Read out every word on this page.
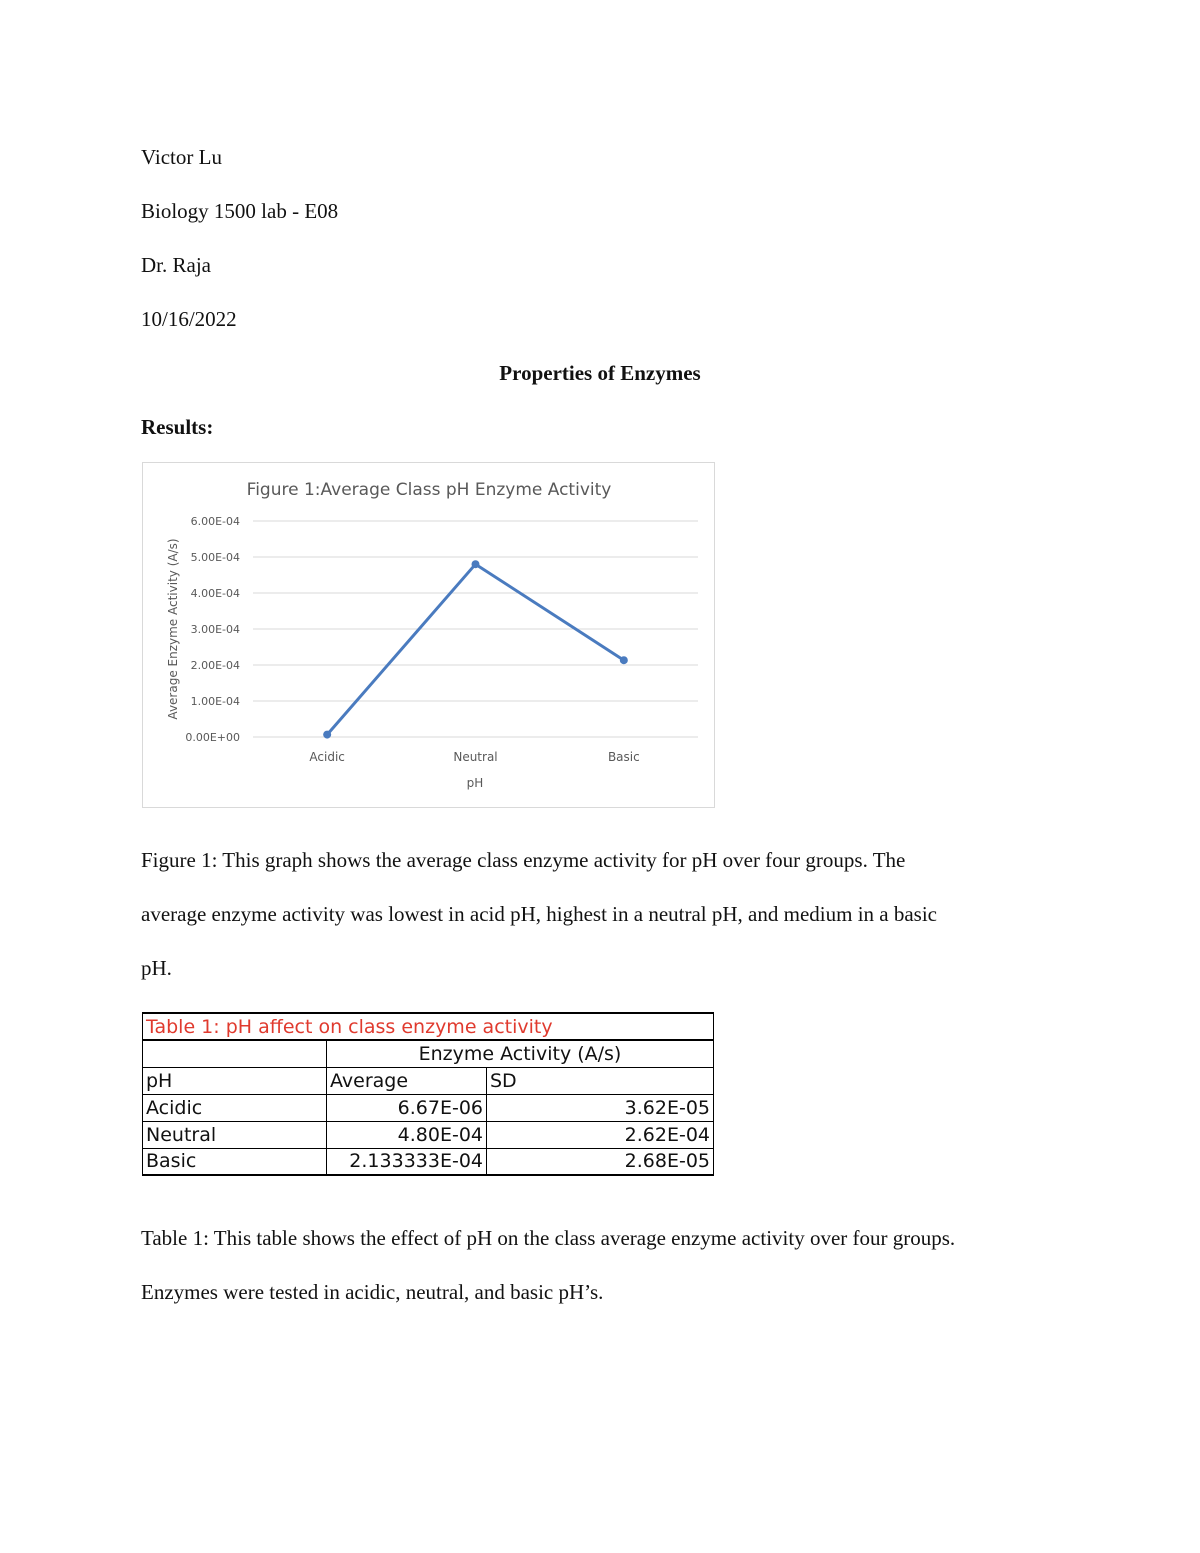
Victor Lu
Biology 1500 lab - E08
Dr. Raja
10/16/2022
Properties of Enzymes
Results:
0.00E+00
1.00E-04
2.00E-04
3.00E-04
4.00E-04
5.00E-04
6.00E-04
Acidic	Neutral	Basic
Figure 1:Average Class pH Enzyme Activity
pH
Average Enzyme Activity (A/s)
Figure 1: This graph shows the average class enzyme activity for pH over four groups. The
average enzyme activity was lowest in acid pH, highest in a neutral pH, and medium in a basic
pH.
Table 1: pH affect on class enzyme activity		
	Enzyme Activity (A/s)	
pH	Average	SD
Acidic	6.67E-06	3.62E-05
Neutral	4.80E-04	2.62E-04
Basic	2.133333E-04	2.68E-05
Table 1: This table shows the effect of pH on the class average enzyme activity over four groups.
Enzymes were tested in acidic, neutral, and basic pH’s.
